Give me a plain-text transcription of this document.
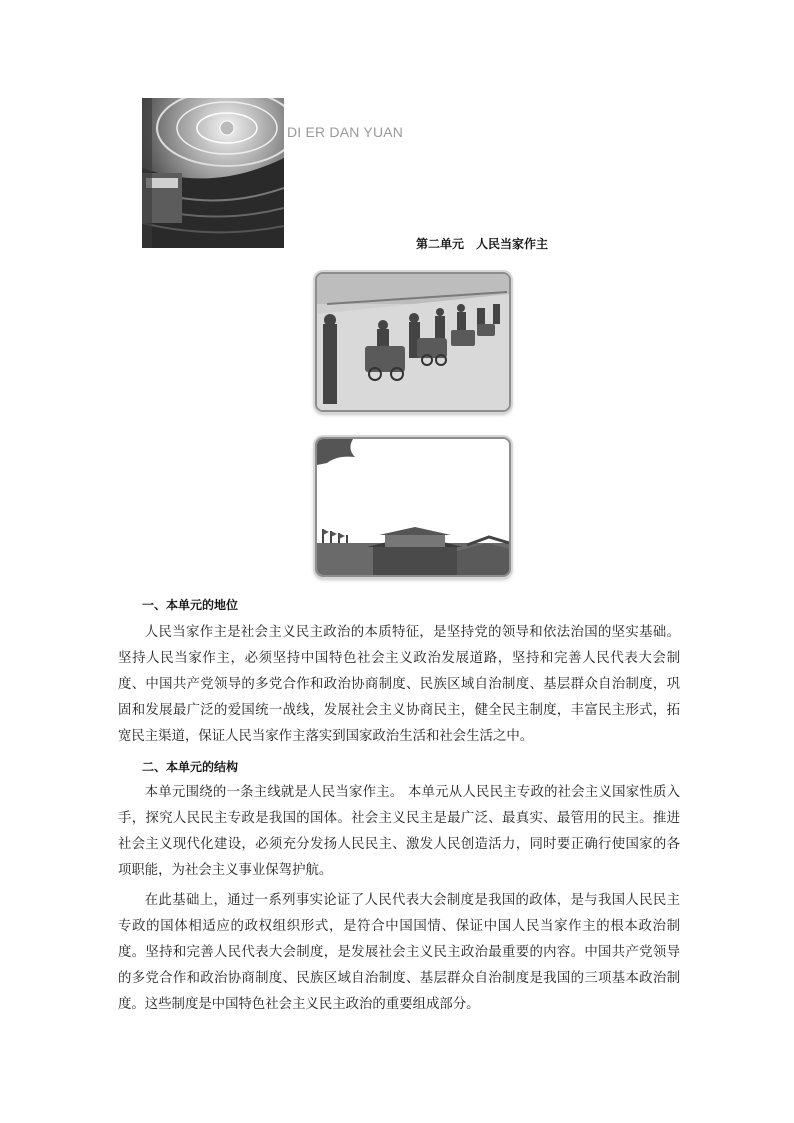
DI ER DAN YUAN
第二单元　人民当家作主
一、本单元的地位

人民当家作主是社会主义民主政治的本质特征，是坚持党的领导和依法治国的坚实基础。坚持人民当家作主，必须坚持中国特色社会主义政治发展道路，坚持和完善人民代表大会制度、中国共产党领导的多党合作和政治协商制度、民族区域自治制度、基层群众自治制度，巩固和发展最广泛的爱国统一战线，发展社会主义协商民主，健全民主制度，丰富民主形式，拓宽民主渠道，保证人民当家作主落实到国家政治生活和社会生活之中。

二、本单元的结构

本单元围绕的一条主线就是人民当家作主。 本单元从人民民主专政的社会主义国家性质入手，探究人民民主专政是我国的国体。社会主义民主是最广泛、最真实、最管用的民主。推进社会主义现代化建设，必须充分发扬人民民主、激发人民创造活力，同时要正确行使国家的各项职能，为社会主义事业保驾护航。

在此基础上，通过一系列事实论证了人民代表大会制度是我国的政体，是与我国人民民主专政的国体相适应的政权组织形式，是符合中国国情、保证中国人民当家作主的根本政治制度。坚持和完善人民代表大会制度，是发展社会主义民主政治最重要的内容。中国共产党领导的多党合作和政治协商制度、民族区域自治制度、基层群众自治制度是我国的三项基本政治制度。这些制度是中国特色社会主义民主政治的重要组成部分。
